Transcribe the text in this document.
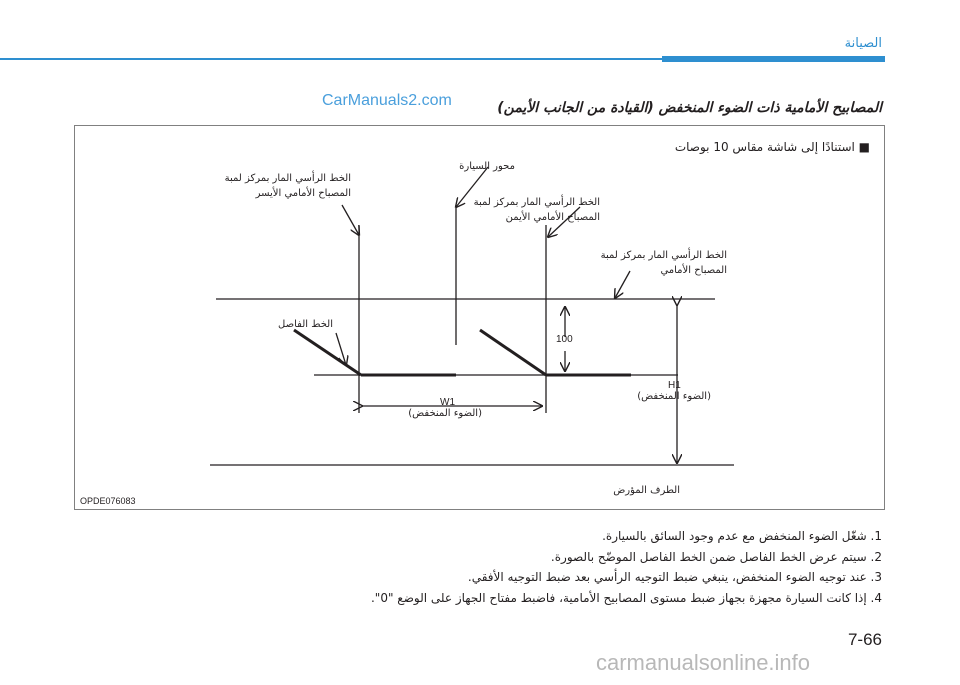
ﺍﻟﺼﻴﺎﻧﺔ
CarManuals2.com	ﺍﻟﻤﺼﺎﺑﻴﺢ ﺍﻷﻣﺎﻣﻴﺔ ﺫﺍﺕ ﺍﻟﻀﻮﺀ ﺍﻟﻤﻨﺨﻔﺾ (ﺍﻟﻘﻴﺎﺩﺓ ﻣﻦ ﺍﻟﺠﺎﻧﺐ ﺍﻷﻳﻤﻦ)
■ ﺍﺳﺘﻨﺎﺩًﺍ ﺇﻟﻰ ﺷﺎﺷﺔ ﻣﻘﺎﺱ 10 ﺑﻮﺻﺎﺕ
ﻣﺤﻮﺭ ﺍﻟﺴﻴﺎﺭﺓ
ﺍﻟﺨﻂ ﺍﻟﺮﺃﺳﻲ ﺍﻟﻤﺎﺭ ﺑﻤﺮﻛﺰ ﻟﻤﺒﺔ
ﺍﻟﻤﺼﺒﺎﺡ ﺍﻷﻣﺎﻣﻲ ﺍﻷﻳﺴﺮ
ﺍﻟﺨﻂ ﺍﻟﺮﺃﺳﻲ ﺍﻟﻤﺎﺭ ﺑﻤﺮﻛﺰ ﻟﻤﺒﺔ
ﺍﻟﻤﺼﺒﺎﺡ ﺍﻷﻣﺎﻣﻲ ﺍﻷﻳﻤﻦ
ﺍﻟﺨﻂ ﺍﻟﺮﺃﺳﻲ ﺍﻟﻤﺎﺭ ﺑﻤﺮﻛﺰ ﻟﻤﺒﺔ
ﺍﻟﻤﺼﺒﺎﺡ ﺍﻷﻣﺎﻣﻲ
ﺍﻟﺨﻂ ﺍﻟﻔﺎﺻﻞ
100
W1
(ﺍﻟﻀﻮﺀ ﺍﻟﻤﻨﺨﻔﺾ)
H1
(ﺍﻟﻀﻮﺀ ﺍﻟﻤﻨﺨﻔﺾ)
ﺍﻟﻄﺮﻑ ﺍﻟﻤﺆﺭﺽ
OPDE076083
1. ﺷﻐّﻞ ﺍﻟﻀﻮﺀ ﺍﻟﻤﻨﺨﻔﺾ ﻣﻊ ﻋﺪﻡ ﻭﺟﻮﺩ ﺍﻟﺴﺎﺋﻖ ﺑﺎﻟﺴﻴﺎﺭﺓ.
2. ﺳﻴﺘﻢ ﻋﺮﺽ ﺍﻟﺨﻂ ﺍﻟﻔﺎﺻﻞ ﺿﻤﻦ ﺍﻟﺨﻂ ﺍﻟﻔﺎﺻﻞ ﺍﻟﻤﻮﺿّﺢ ﺑﺎﻟﺼﻮﺭﺓ.
3. ﻋﻨﺪ ﺗﻮﺟﻴﻪ ﺍﻟﻀﻮﺀ ﺍﻟﻤﻨﺨﻔﺾ، ﻳﻨﺒﻐﻲ ﺿﺒﻂ ﺍﻟﺘﻮﺟﻴﻪ ﺍﻟﺮﺃﺳﻲ ﺑﻌﺪ ﺿﺒﻂ ﺍﻟﺘﻮﺟﻴﻪ ﺍﻷﻓﻘﻲ.
4. ﺇﺫﺍ ﻛﺎﻧﺖ ﺍﻟﺴﻴﺎﺭﺓ ﻣﺠﻬﺰﺓ ﺑﺠﻬﺎﺯ ﺿﺒﻂ ﻣﺴﺘﻮﻯ ﺍﻟﻤﺼﺎﺑﻴﺢ ﺍﻷﻣﺎﻣﻴﺔ، ﻓﺎﺿﺒﻂ ﻣﻔﺘﺎﺡ ﺍﻟﺠﻬﺎﺯ ﻋﻠﻰ ﺍﻟﻮﺿﻊ "0".
7-66
carmanualsonline.info
